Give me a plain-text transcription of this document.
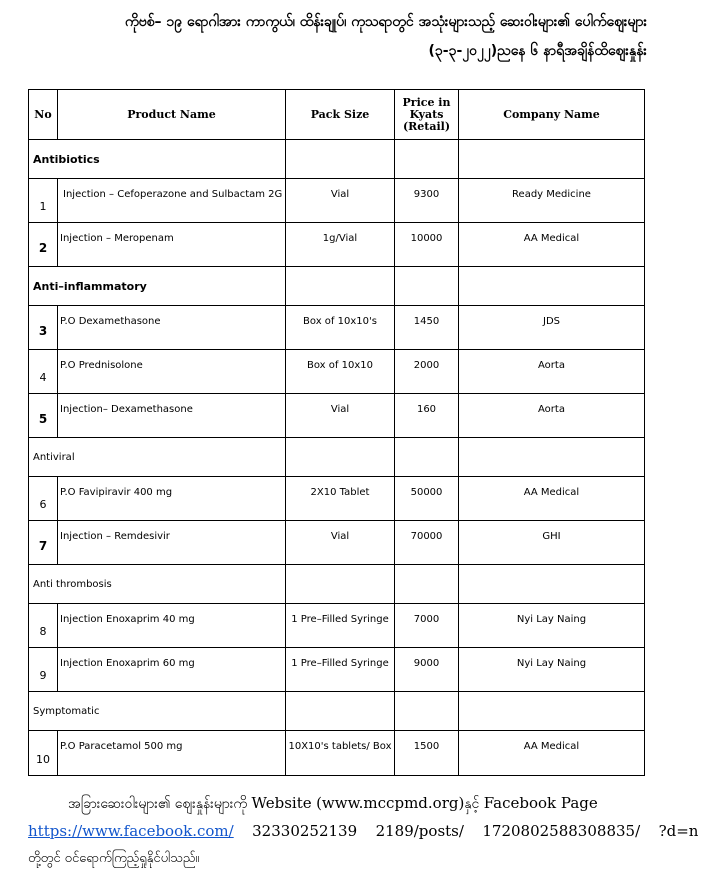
ကိုဗစ်– ၁၉ ရောဂါအား ကာကွယ်၊ ထိန်းချုပ်၊ ကုသရာတွင် အသုံးများသည့် ဆေးဝါးများ၏ ပေါက်ဈေးများ
(၃-၃-၂၀၂၂)ညနေ ၆ နာရီအချိန်ထိဈေးနှုန်း
No	Product Name	Pack Size	Price in Kyats (Retail)	Company Name
Antibiotics				
1	Injection – Cefoperazone and Sulbactam 2G	Vial	9300	Ready Medicine
2	Injection – Meropenam	1g/Vial	10000	AA Medical
Anti–inflammatory				
3	P.O Dexamethasone	Box of 10x10's	1450	JDS
4	P.O Prednisolone	Box of 10x10	2000	Aorta
5	Injection– Dexamethasone	Vial	160	Aorta
Antiviral				
6	P.O Favipiravir 400 mg	2X10 Tablet	50000	AA Medical
7	Injection – Remdesivir	Vial	70000	GHI
Anti thrombosis				
8	Injection Enoxaprim 40 mg	1 Pre–Filled Syringe	7000	Nyi Lay Naing
9	Injection Enoxaprim 60 mg	1 Pre–Filled Syringe	9000	Nyi Lay Naing
Symptomatic				
10	P.O Paracetamol 500 mg	10X10's tablets/ Box	1500	AA Medical
အခြားဆေးဝါးများ၏ ဈေးနှုန်းများကို Website (www.mccpmd.org)နှင့် Facebook Page
https://www.facebook.com/ 32330252139 2189/posts/ 1720802588308835/ ?d=n
တို့တွင် ဝင်ရောက်ကြည့်ရှုနိုင်ပါသည်။
